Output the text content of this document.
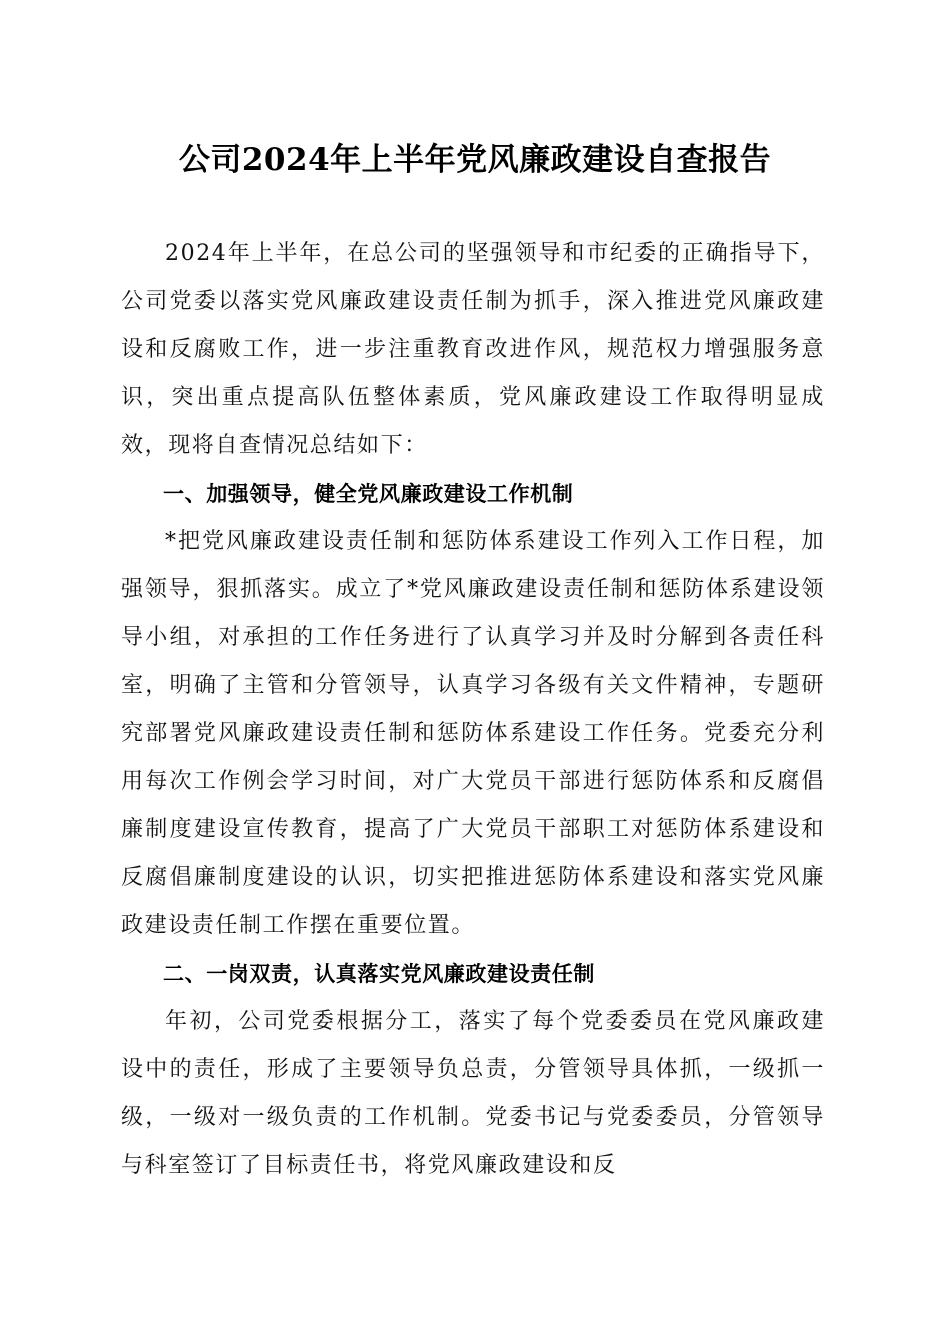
公司2024年上半年党风廉政建设自查报告

2024年上半年，在总公司的坚强领导和市纪委的正确指导下，公司党委以落实党风廉政建设责任制为抓手，深入推进党风廉政建设和反腐败工作，进一步注重教育改进作风，规范权力增强服务意识，突出重点提高队伍整体素质，党风廉政建设工作取得明显成效，现将自查情况总结如下：

一、加强领导，健全党风廉政建设工作机制

*把党风廉政建设责任制和惩防体系建设工作列入工作日程，加强领导，狠抓落实。成立了*党风廉政建设责任制和惩防体系建设领导小组，对承担的工作任务进行了认真学习并及时分解到各责任科室，明确了主管和分管领导，认真学习各级有关文件精神，专题研究部署党风廉政建设责任制和惩防体系建设工作任务。党委充分利用每次工作例会学习时间，对广大党员干部进行惩防体系和反腐倡廉制度建设宣传教育，提高了广大党员干部职工对惩防体系建设和反腐倡廉制度建设的认识，切实把推进惩防体系建设和落实党风廉政建设责任制工作摆在重要位置。

二、一岗双责，认真落实党风廉政建设责任制

年初，公司党委根据分工，落实了每个党委委员在党风廉政建设中的责任，形成了主要领导负总责，分管领导具体抓，一级抓一级，一级对一级负责的工作机制。党委书记与党委委员，分管领导与科室签订了目标责任书，将党风廉政建设和反
